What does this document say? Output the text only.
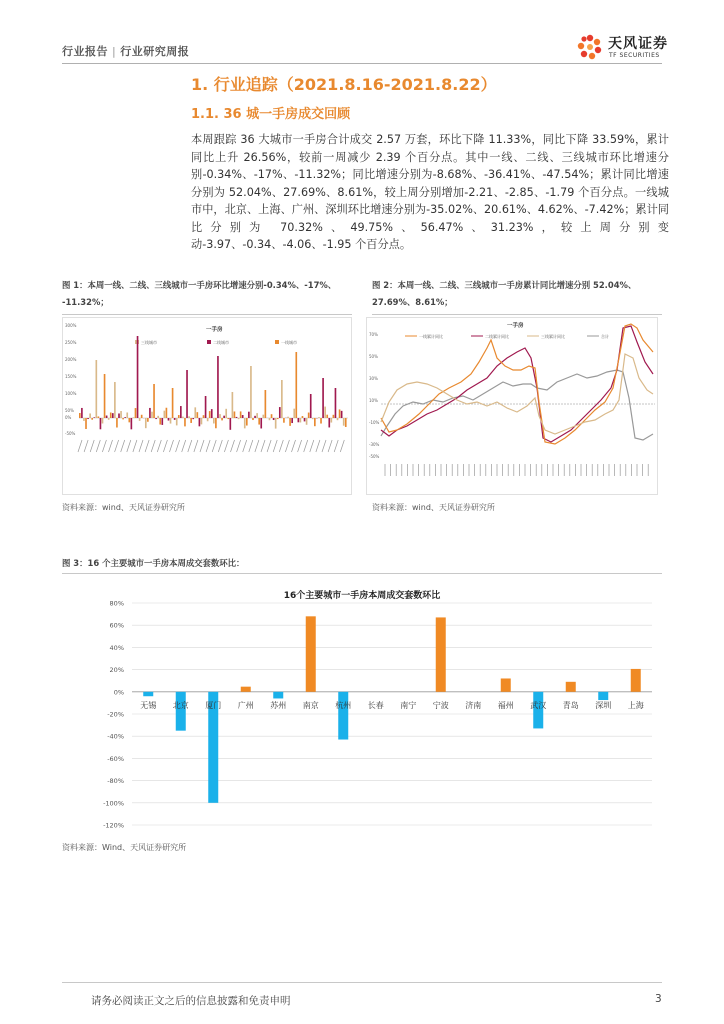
行业报告 | 行业研究周报	天风证券
TF SECURITIES
1. 行业追踪（2021.8.16-2021.8.22）
1.1. 36 城一手房成交回顾
本周跟踪 36 大城市一手房合计成交 2.57 万套，环比下降 11.33%，同比下降 33.59%，累计同比上升 26.56%，较前一周减少 2.39 个百分点。其中一线、二线、三线城市环比增速分别-0.34%、-17%、-11.32%；同比增速分别为-8.68%、-36.41%、-47.54%；累计同比增速分别为 52.04%、27.69%、8.61%，较上周分别增加-2.21、-2.85、-1.79 个百分点。一线城市中，北京、上海、广州、深圳环比增速分别为-35.02%、20.61%、4.62%、-7.42%；累计同比分别为 70.32%、49.75%、56.47%、31.23%，较上周分别变动-3.97、-0.34、-4.06、-1.95 个百分点。
图 1：本周一线、二线、三线城市一手房环比增速分别-0.34%、-17%、
-11.32%；
图 2：本周一线、二线、三线城市一手房累计同比增速分别 52.04%、
27.69%、8.61%；
一手房
300%
250%
200%
150%
100%
50%
0%
-50%
三线城市	二线城市	一线城市
一手房
70%
50%
30%
10%
-10%
-30%
-50%
一线累计同比	二线累计同比	三线累计同比	合计
资料来源：wind、天风证券研究所	资料来源：wind、天风证券研究所
图 3：16 个主要城市一手房本周成交套数环比：
16个主要城市一手房本周成交套数环比
80%
60%
40%
20%
0%
-20%
-40%
-60%
-80%
-100%
-120%
无锡 北京 厦门 广州 苏州 南京 杭州 长春 南宁 宁波 济南 福州 武汉 青岛 深圳 上海
资料来源：Wind、天风证券研究所
请务必阅读正文之后的信息披露和免责申明	3
